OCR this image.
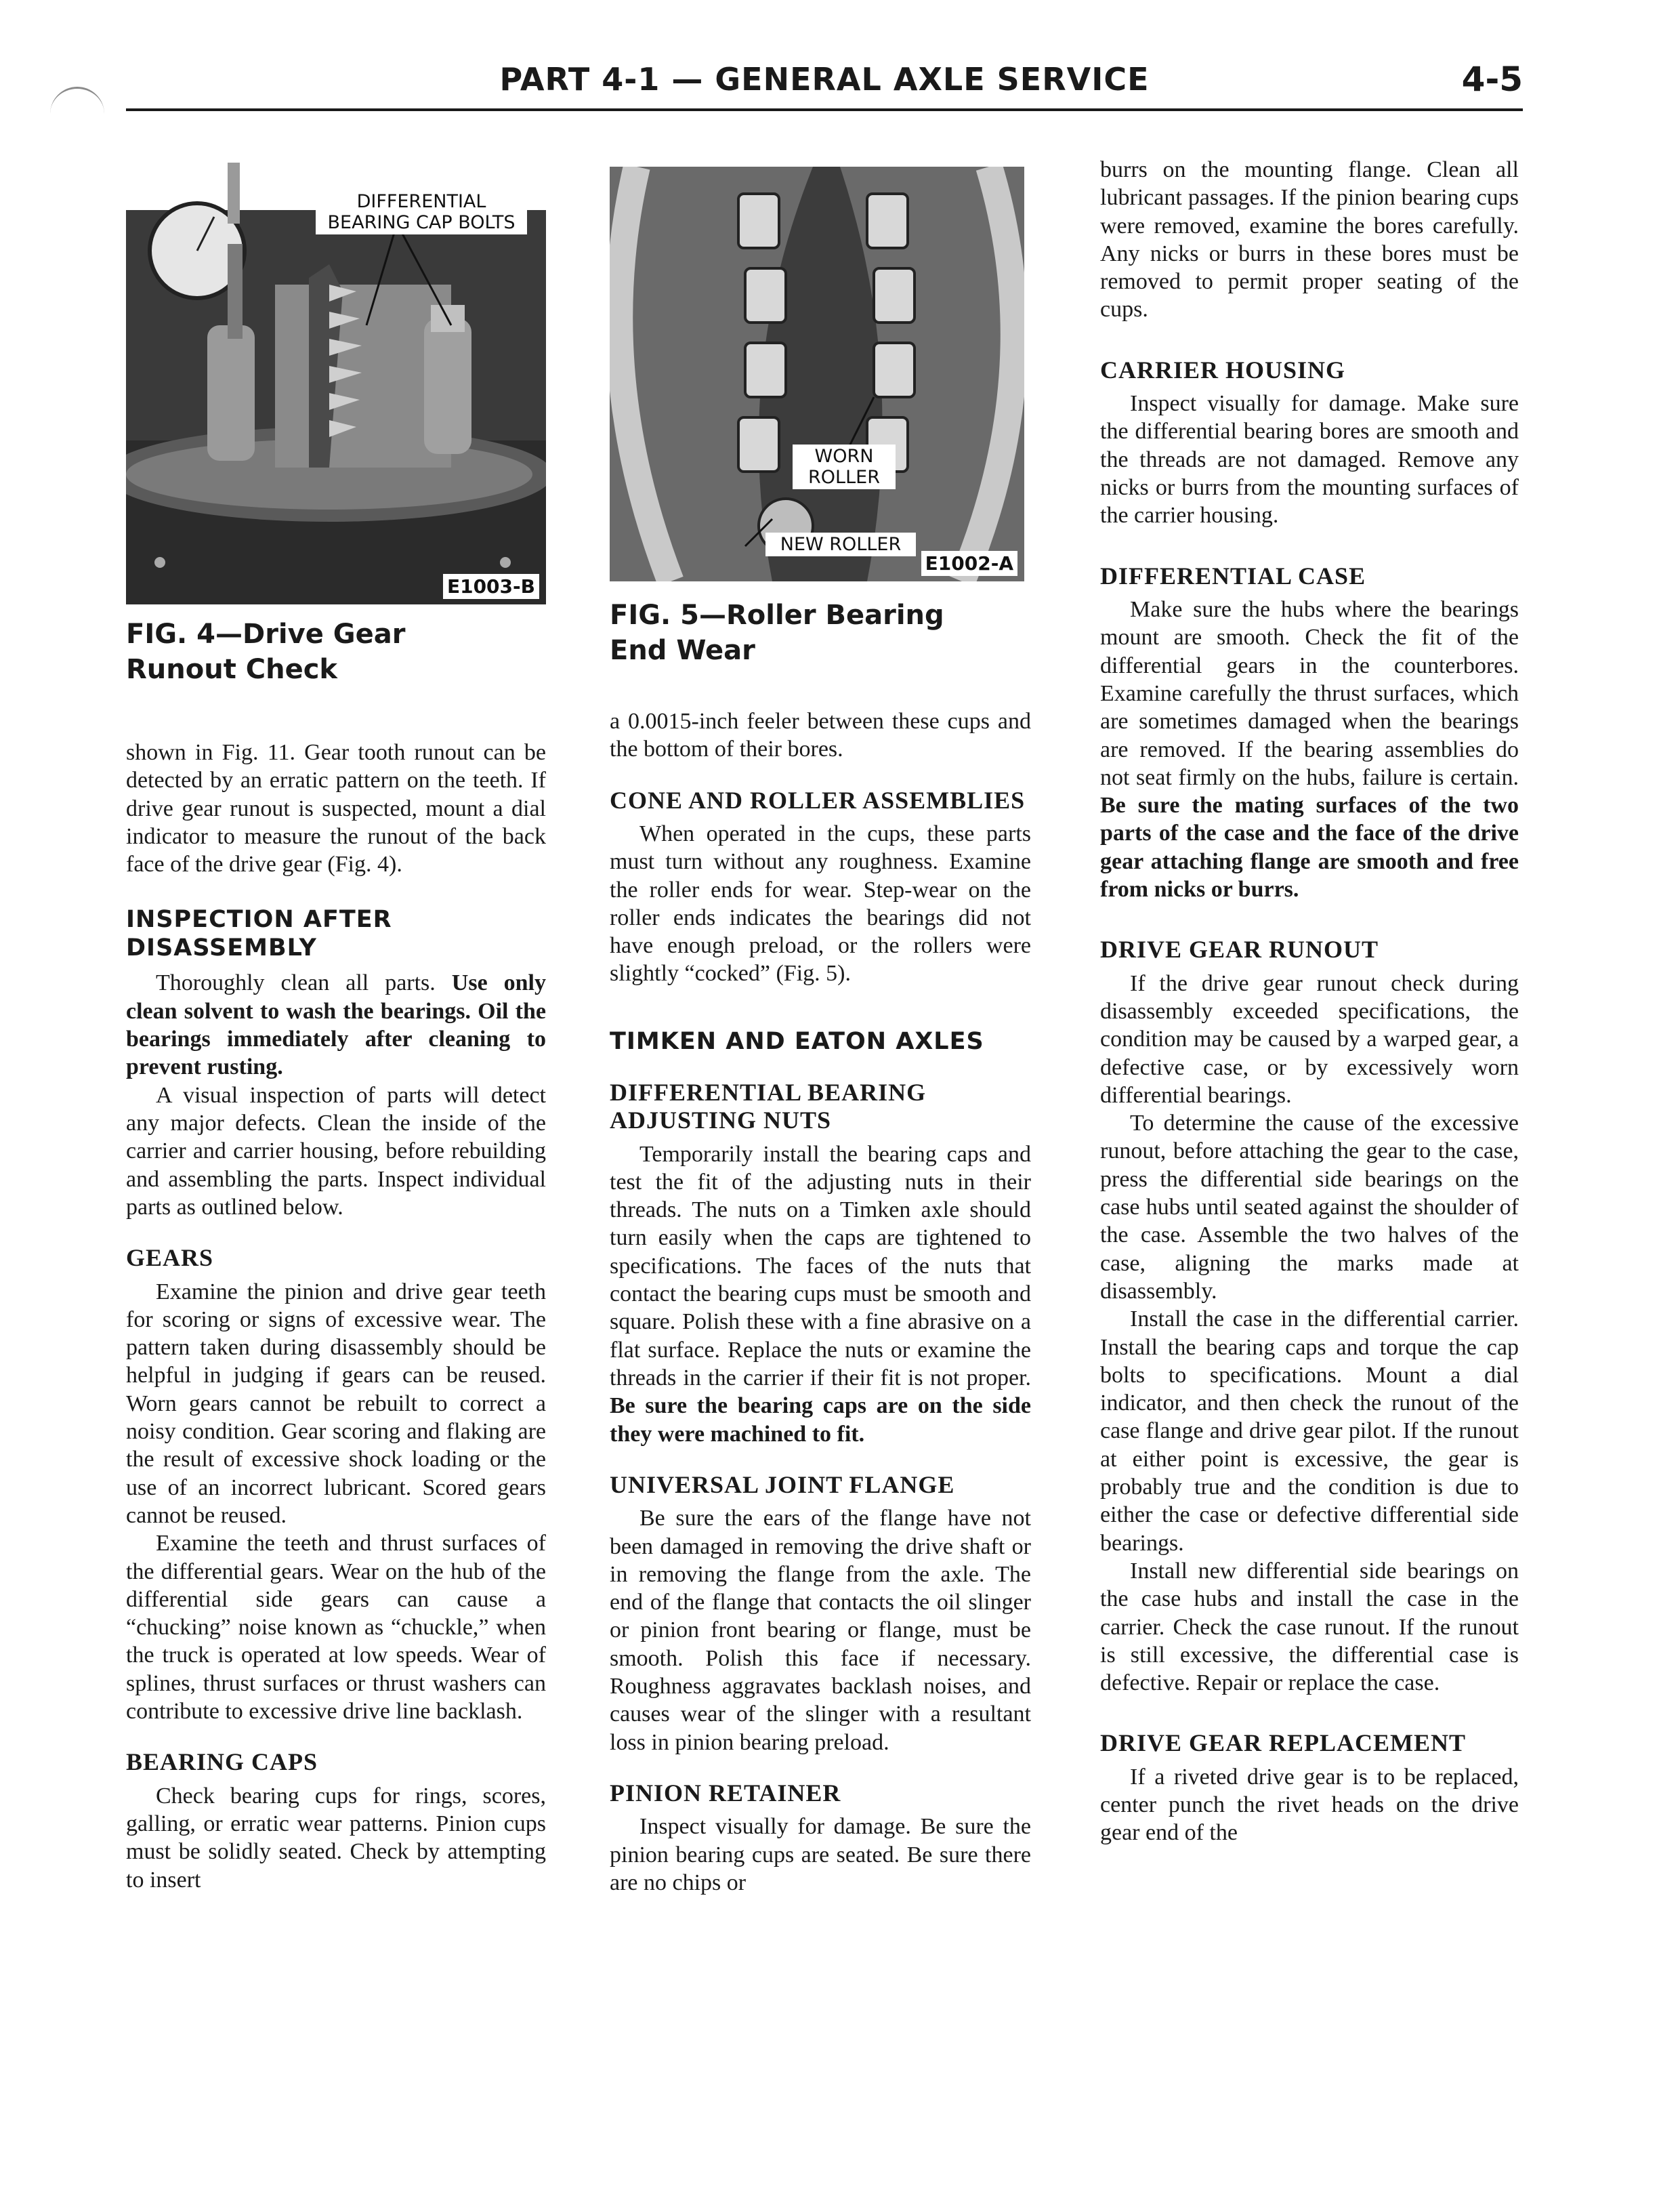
PART 4-1 — GENERAL AXLE SERVICE	4-5
DIFFERENTIAL BEARING CAP BOLTS
E1003-B
FIG. 4—Drive Gear Runout Check

shown in Fig. 11. Gear tooth runout can be detected by an erratic pattern on the teeth. If drive gear runout is suspected, mount a dial indicator to measure the runout of the back face of the drive gear (Fig. 4).

INSPECTION AFTER DISASSEMBLY

Thoroughly clean all parts. Use only clean solvent to wash the bearings. Oil the bearings immediately after cleaning to prevent rusting.

A visual inspection of parts will detect any major defects. Clean the inside of the carrier and carrier housing, before rebuilding and assembling the parts. Inspect individual parts as outlined below.

GEARS

Examine the pinion and drive gear teeth for scoring or signs of excessive wear. The pattern taken during disassembly should be helpful in judging if gears can be reused. Worn gears cannot be rebuilt to correct a noisy condition. Gear scoring and flaking are the result of excessive shock loading or the use of an incorrect lubricant. Scored gears cannot be reused.

Examine the teeth and thrust surfaces of the differential gears. Wear on the hub of the differential side gears can cause a “chucking” noise known as “chuckle,” when the truck is operated at low speeds. Wear of splines, thrust surfaces or thrust washers can contribute to excessive drive line backlash.

BEARING CAPS

Check bearing cups for rings, scores, galling, or erratic wear patterns. Pinion cups must be solidly seated. Check by attempting to insert

WORN ROLLER
NEW ROLLER
E1002-A
FIG. 5—Roller Bearing End Wear

a 0.0015-inch feeler between these cups and the bottom of their bores.

CONE AND ROLLER ASSEMBLIES

When operated in the cups, these parts must turn without any roughness. Examine the roller ends for wear. Step-wear on the roller ends indicates the bearings did not have enough preload, or the rollers were slightly “cocked” (Fig. 5).

TIMKEN AND EATON AXLES
DIFFERENTIAL BEARING ADJUSTING NUTS

Temporarily install the bearing caps and test the fit of the adjusting nuts in their threads. The nuts on a Timken axle should turn easily when the caps are tightened to specifications. The faces of the nuts that contact the bearing cups must be smooth and square. Polish these with a fine abrasive on a flat surface. Replace the nuts or examine the threads in the carrier if their fit is not proper. Be sure the bearing caps are on the side they were machined to fit.

UNIVERSAL JOINT FLANGE

Be sure the ears of the flange have not been damaged in removing the drive shaft or in removing the flange from the axle. The end of the flange that contacts the oil slinger or pinion front bearing or flange, must be smooth. Polish this face if necessary. Roughness aggravates backlash noises, and causes wear of the slinger with a resultant loss in pinion bearing preload.

PINION RETAINER

Inspect visually for damage. Be sure the pinion bearing cups are seated. Be sure there are no chips or

burrs on the mounting flange. Clean all lubricant passages. If the pinion bearing cups were removed, examine the bores carefully. Any nicks or burrs in these bores must be removed to permit proper seating of the cups.

CARRIER HOUSING

Inspect visually for damage. Make sure the differential bearing bores are smooth and the threads are not damaged. Remove any nicks or burrs from the mounting surfaces of the carrier housing.

DIFFERENTIAL CASE

Make sure the hubs where the bearings mount are smooth. Check the fit of the differential gears in the counterbores. Examine carefully the thrust surfaces, which are sometimes damaged when the bearings are removed. If the bearing assemblies do not seat firmly on the hubs, failure is certain. Be sure the mating surfaces of the two parts of the case and the face of the drive gear attaching flange are smooth and free from nicks or burrs.

DRIVE GEAR RUNOUT

If the drive gear runout check during disassembly exceeded specifications, the condition may be caused by a warped gear, a defective case, or by excessively worn differential bearings.

To determine the cause of the excessive runout, before attaching the gear to the case, press the differential side bearings on the case hubs until seated against the shoulder of the case. Assemble the two halves of the case, aligning the marks made at disassembly.

Install the case in the differential carrier. Install the bearing caps and torque the cap bolts to specifications. Mount a dial indicator, and then check the runout of the case flange and drive gear pilot. If the runout at either point is excessive, the gear is probably true and the condition is due to either the case or defective differential side bearings.

Install new differential side bearings on the case hubs and install the case in the carrier. Check the case runout. If the runout is still excessive, the differential case is defective. Repair or replace the case.

DRIVE GEAR REPLACEMENT

If a riveted drive gear is to be replaced, center punch the rivet heads on the drive gear end of the
